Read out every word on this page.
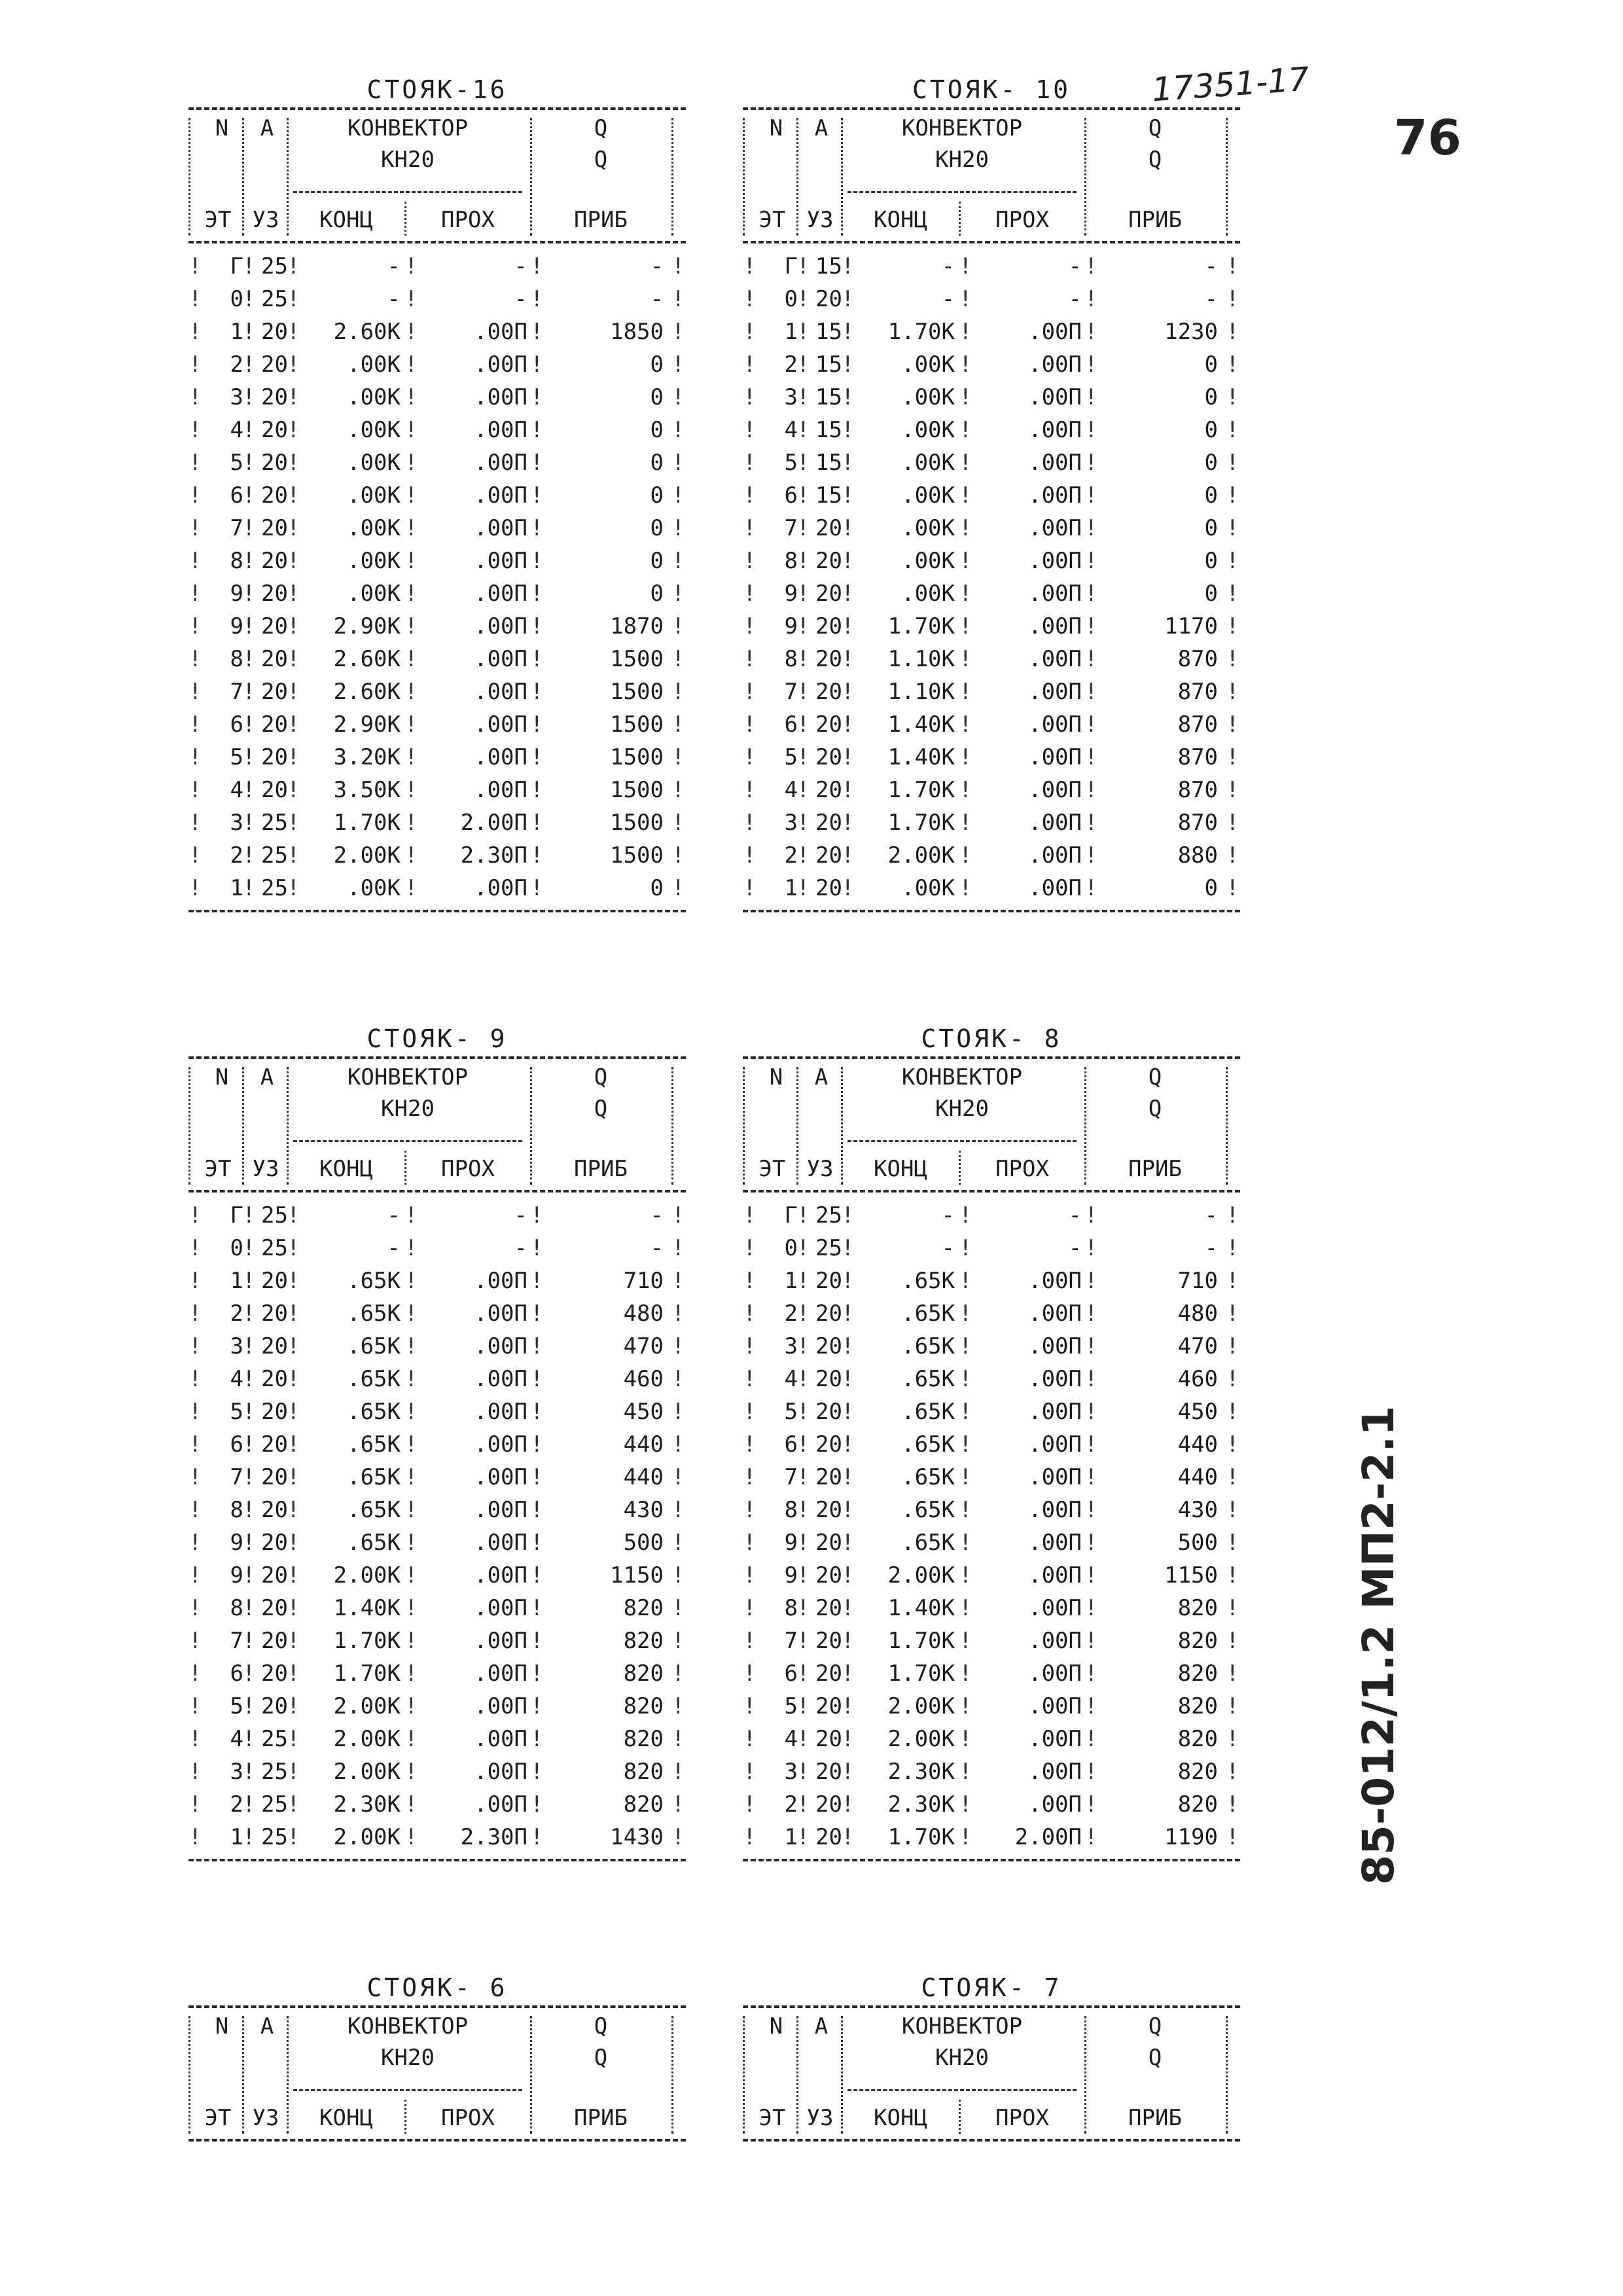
17351-17
76
85-012/1.2 МП2-2.1
СТОЯК-16
N	А	КОНВЕКТОР
КН20
Q
Q
ЭТ УЗ	КОНЦ	ПРОХ	ПРИБ
! ! !	!	!	!
Г 25	-	-	-
! ! !	!	!	!
0 25	-	-	-
! ! !	!	!	!
1 20	2.60К	.00П	1850
! ! !	!	!	!
2 20	.00К	.00П	0
! ! !	!	!	!
3 20	.00К	.00П	0
! ! !	!	!	!
4 20	.00К	.00П	0
! ! !	!	!	!
5 20	.00К	.00П	0
! ! !	!	!	!
6 20	.00К	.00П	0
! ! !	!	!	!
7 20	.00К	.00П	0
! ! !	!	!	!
8 20	.00К	.00П	0
! ! !	!	!	!
9 20	.00К	.00П	0
! ! !	!	!	!
9 20	2.90К	.00П	1870
! ! !	!	!	!
8 20	2.60К	.00П	1500
! ! !	!	!	!
7 20	2.60К	.00П	1500
! ! !	!	!	!
6 20	2.90К	.00П	1500
! ! !	!	!	!
5 20	3.20К	.00П	1500
! ! !	!	!	!
4 20	3.50К	.00П	1500
! ! !	!	!	!
3 25	1.70К	2.00П	1500
! ! !	!	!	!
2 25	2.00К	2.30П	1500
! ! !	!	!	!
1 25	.00К	.00П	0
СТОЯК- 10
N	А	КОНВЕКТОР
КН20
Q
Q
ЭТ УЗ	КОНЦ	ПРОХ	ПРИБ
! ! !	!	!	!
Г 15	-	-	-
! ! !	!	!	!
0 20	-	-	-
! ! !	!	!	!
1 15	1.70К	.00П	1230
! ! !	!	!	!
2 15	.00К	.00П	0
! ! !	!	!	!
3 15	.00К	.00П	0
! ! !	!	!	!
4 15	.00К	.00П	0
! ! !	!	!	!
5 15	.00К	.00П	0
! ! !	!	!	!
6 15	.00К	.00П	0
! ! !	!	!	!
7 20	.00К	.00П	0
! ! !	!	!	!
8 20	.00К	.00П	0
! ! !	!	!	!
9 20	.00К	.00П	0
! ! !	!	!	!
9 20	1.70К	.00П	1170
! ! !	!	!	!
8 20	1.10К	.00П	870
! ! !	!	!	!
7 20	1.10К	.00П	870
! ! !	!	!	!
6 20	1.40К	.00П	870
! ! !	!	!	!
5 20	1.40К	.00П	870
! ! !	!	!	!
4 20	1.70К	.00П	870
! ! !	!	!	!
3 20	1.70К	.00П	870
! ! !	!	!	!
2 20	2.00К	.00П	880
! ! !	!	!	!
1 20	.00К	.00П	0
СТОЯК- 9
N	А	КОНВЕКТОР
КН20
Q
Q
ЭТ УЗ	КОНЦ	ПРОХ	ПРИБ
! ! !	!	!	!
Г 25	-	-	-
! ! !	!	!	!
0 25	-	-	-
! ! !	!	!	!
1 20	.65К	.00П	710
! ! !	!	!	!
2 20	.65К	.00П	480
! ! !	!	!	!
3 20	.65К	.00П	470
! ! !	!	!	!
4 20	.65К	.00П	460
! ! !	!	!	!
5 20	.65К	.00П	450
! ! !	!	!	!
6 20	.65К	.00П	440
! ! !	!	!	!
7 20	.65К	.00П	440
! ! !	!	!	!
8 20	.65К	.00П	430
! ! !	!	!	!
9 20	.65К	.00П	500
! ! !	!	!	!
9 20	2.00К	.00П	1150
! ! !	!	!	!
8 20	1.40К	.00П	820
! ! !	!	!	!
7 20	1.70К	.00П	820
! ! !	!	!	!
6 20	1.70К	.00П	820
! ! !	!	!	!
5 20	2.00К	.00П	820
! ! !	!	!	!
4 25	2.00К	.00П	820
! ! !	!	!	!
3 25	2.00К	.00П	820
! ! !	!	!	!
2 25	2.30К	.00П	820
! ! !	!	!	!
1 25	2.00К	2.30П	1430
СТОЯК- 8
N	А	КОНВЕКТОР
КН20
Q
Q
ЭТ УЗ	КОНЦ	ПРОХ	ПРИБ
! ! !	!	!	!
Г 25	-	-	-
! ! !	!	!	!
0 25	-	-	-
! ! !	!	!	!
1 20	.65К	.00П	710
! ! !	!	!	!
2 20	.65К	.00П	480
! ! !	!	!	!
3 20	.65К	.00П	470
! ! !	!	!	!
4 20	.65К	.00П	460
! ! !	!	!	!
5 20	.65К	.00П	450
! ! !	!	!	!
6 20	.65К	.00П	440
! ! !	!	!	!
7 20	.65К	.00П	440
! ! !	!	!	!
8 20	.65К	.00П	430
! ! !	!	!	!
9 20	.65К	.00П	500
! ! !	!	!	!
9 20	2.00К	.00П	1150
! ! !	!	!	!
8 20	1.40К	.00П	820
! ! !	!	!	!
7 20	1.70К	.00П	820
! ! !	!	!	!
6 20	1.70К	.00П	820
! ! !	!	!	!
5 20	2.00К	.00П	820
! ! !	!	!	!
4 20	2.00К	.00П	820
! ! !	!	!	!
3 20	2.30К	.00П	820
! ! !	!	!	!
2 20	2.30К	.00П	820
! ! !	!	!	!
1 20	1.70К	2.00П	1190
СТОЯК- 6
N	А	КОНВЕКТОР
КН20
Q
Q
ЭТ УЗ	КОНЦ	ПРОХ	ПРИБ
СТОЯК- 7
N	А	КОНВЕКТОР
КН20
Q
Q
ЭТ УЗ	КОНЦ	ПРОХ	ПРИБ
